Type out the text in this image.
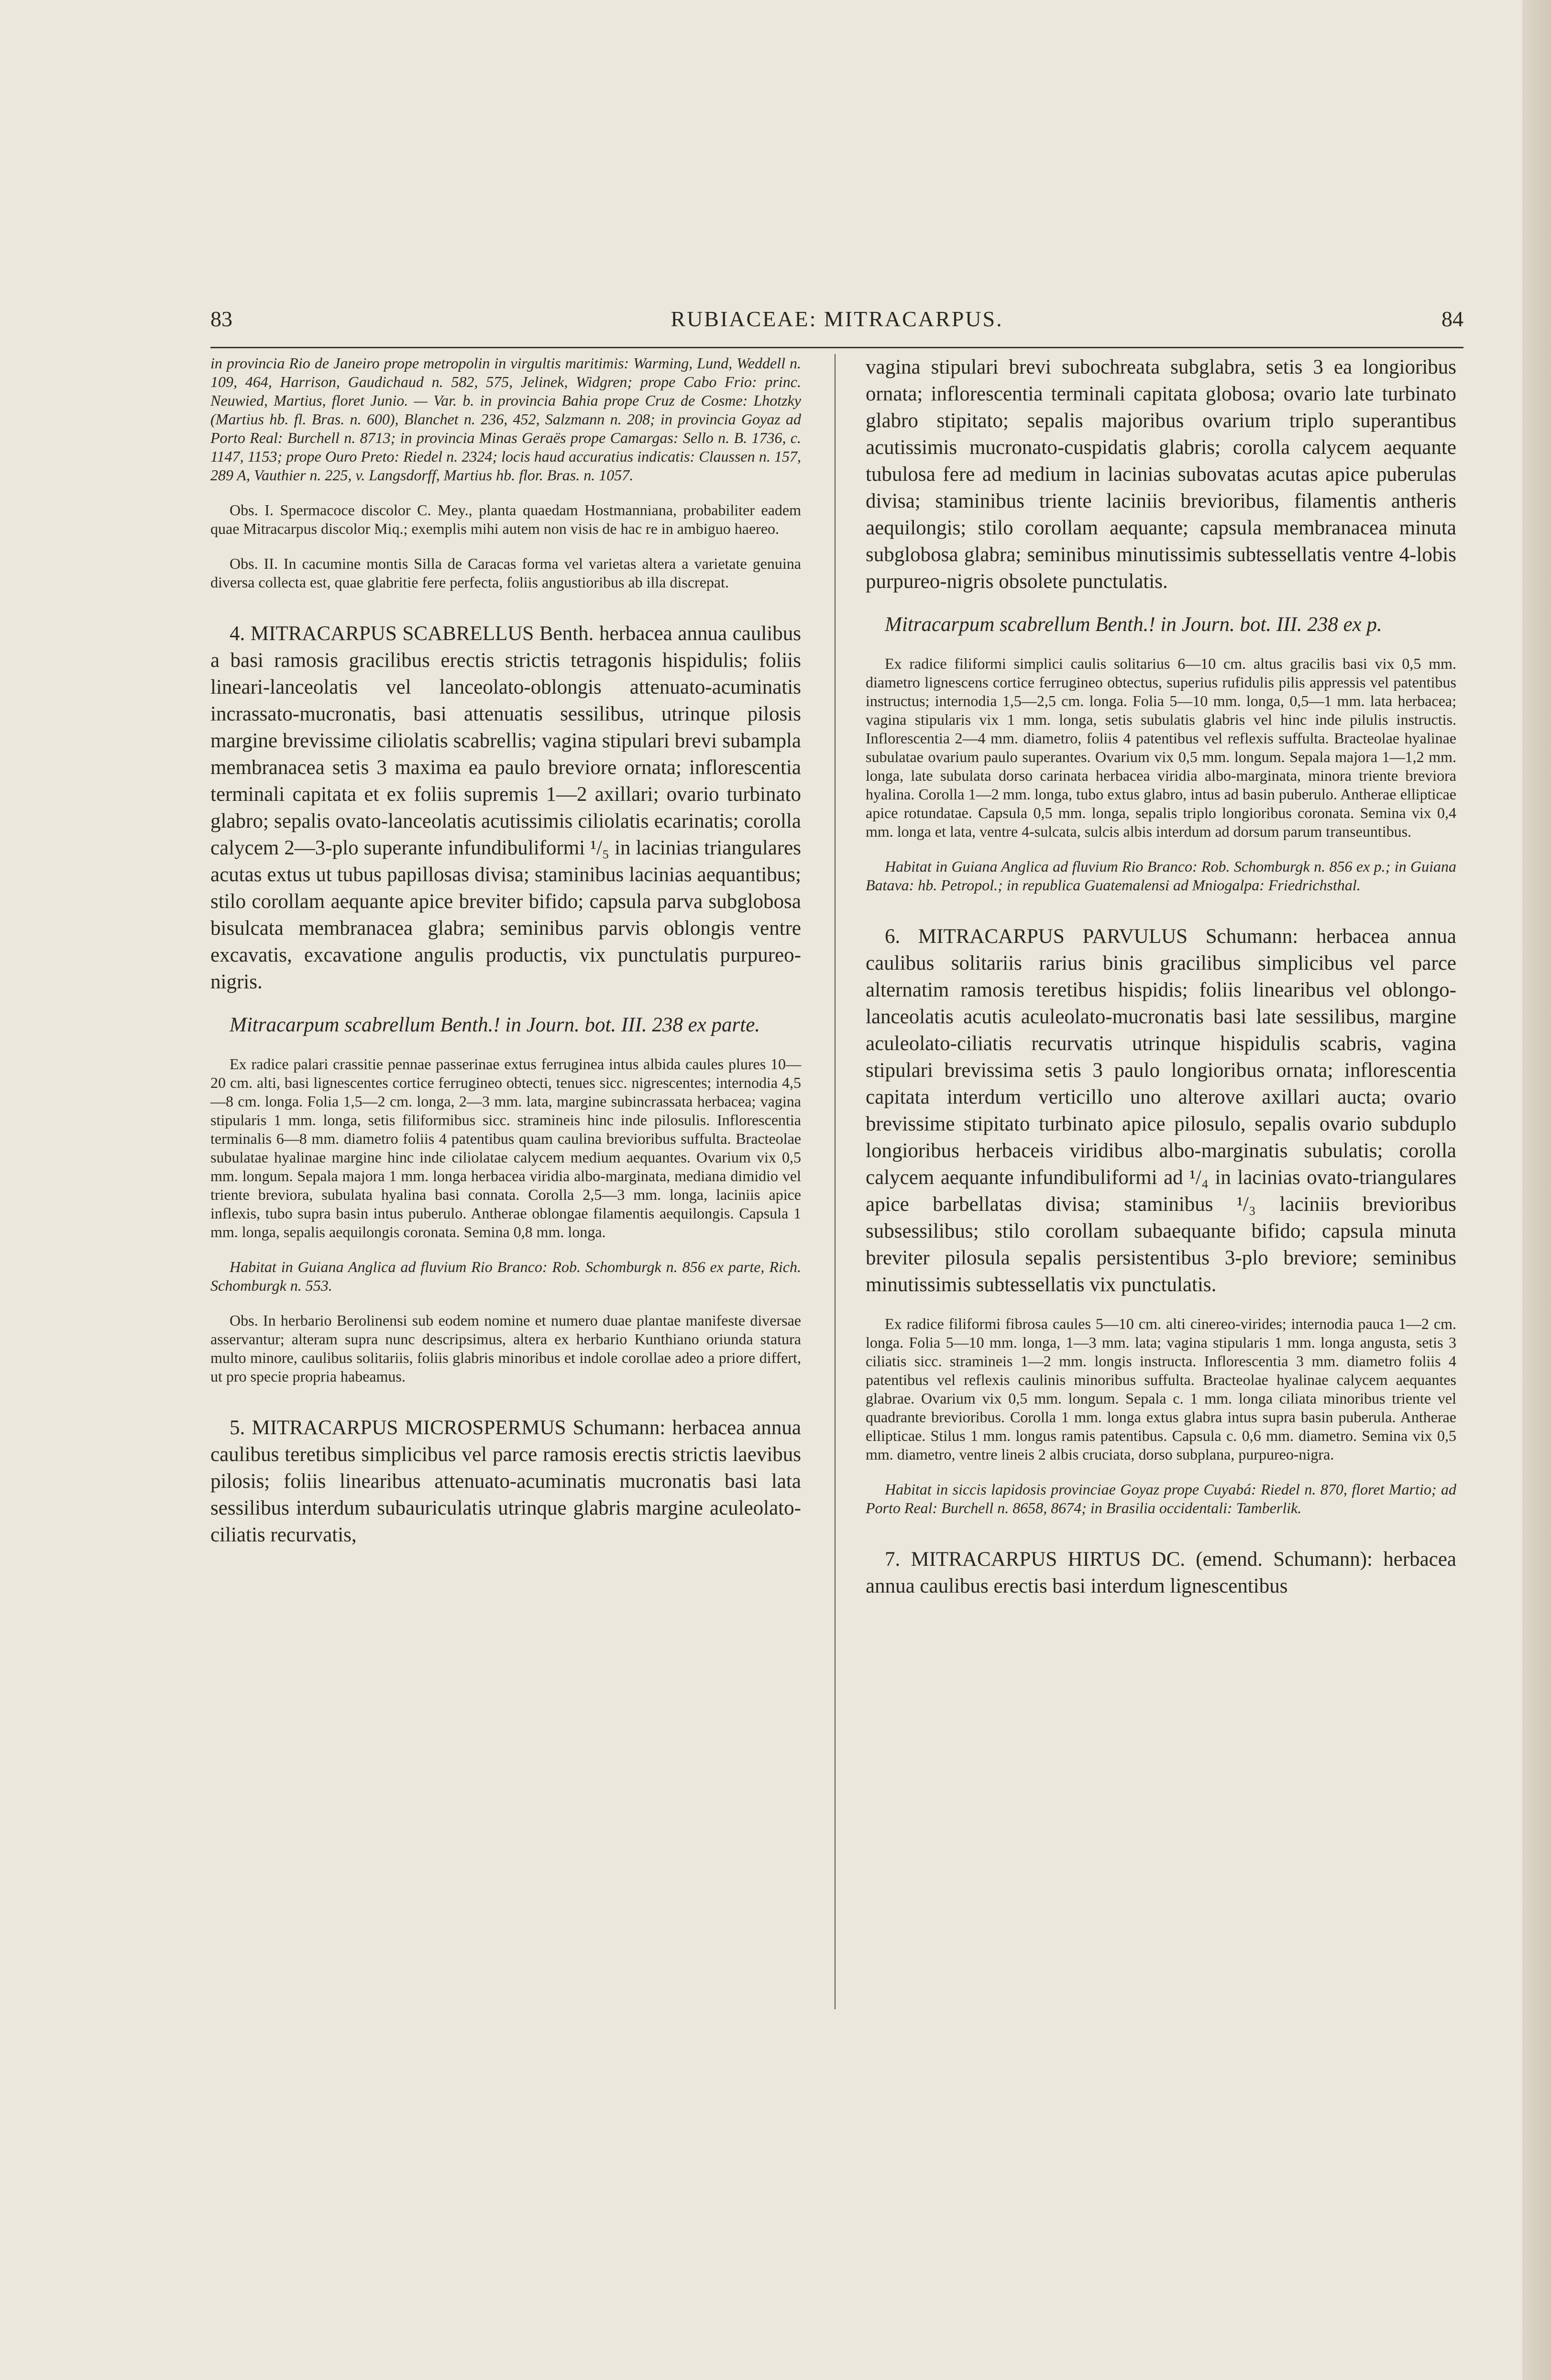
83	RUBIACEAE: MITRACARPUS.	84

in provincia Rio de Janeiro prope metropolin in virgultis maritimis: Warming, Lund, Weddell n. 109, 464, Harrison, Gaudichaud n. 582, 575, Jelinek, Widgren; prope Cabo Frio: princ. Neuwied, Martius, floret Junio. — Var. b. in provincia Bahia prope Cruz de Cosme: Lhotzky (Martius hb. fl. Bras. n. 600), Blanchet n. 236, 452, Salzmann n. 208; in provincia Goyaz ad Porto Real: Burchell n. 8713; in provincia Minas Geraës prope Camargas: Sello n. B. 1736, c. 1147, 1153; prope Ouro Preto: Riedel n. 2324; locis haud accuratius indicatis: Claussen n. 157, 289 A, Vauthier n. 225, v. Langsdorff, Martius hb. flor. Bras. n. 1057.

Obs. I. Spermacoce discolor C. Mey., planta quaedam Hostmanniana, probabiliter eadem quae Mitracarpus discolor Miq.; exemplis mihi autem non visis de hac re in ambiguo haereo.

Obs. II. In cacumine montis Silla de Caracas forma vel varietas altera a varietate genuina diversa collecta est, quae glabritie fere perfecta, foliis angustioribus ab illa discrepat.

4. MITRACARPUS SCABRELLUS Benth. herbacea annua caulibus a basi ramosis gracilibus erectis strictis tetragonis hispidulis; foliis lineari-lanceolatis vel lanceolato-oblongis attenuato-acuminatis incrassato-mucronatis, basi attenuatis sessilibus, utrinque pilosis margine brevissime ciliolatis scabrellis; vagina stipulari brevi subampla membranacea setis 3 maxima ea paulo breviore ornata; inflorescentia terminali capitata et ex foliis supremis 1—2 axillari; ovario turbinato glabro; sepalis ovato-lanceolatis acutissimis ciliolatis ecarinatis; corolla calycem 2—3-plo superante infundibuliformi ¹/₅ in lacinias triangulares acutas extus ut tubus papillosas divisa; staminibus lacinias aequantibus; stilo corollam aequante apice breviter bifido; capsula parva subglobosa bisulcata membranacea glabra; seminibus parvis oblongis ventre excavatis, excavatione angulis productis, vix punctulatis purpureo-nigris.

Mitracarpum scabrellum Benth.! in Journ. bot. III. 238 ex parte.

Ex radice palari crassitie pennae passerinae extus ferruginea intus albida caules plures 10—20 cm. alti, basi lignescentes cortice ferrugineo obtecti, tenues sicc. nigrescentes; internodia 4,5—8 cm. longa. Folia 1,5—2 cm. longa, 2—3 mm. lata, margine subincrassata herbacea; vagina stipularis 1 mm. longa, setis filiformibus sicc. stramineis hinc inde pilosulis. Inflorescentia terminalis 6—8 mm. diametro foliis 4 patentibus quam caulina brevioribus suffulta. Bracteolae subulatae hyalinae margine hinc inde ciliolatae calycem medium aequantes. Ovarium vix 0,5 mm. longum. Sepala majora 1 mm. longa herbacea viridia albo-marginata, mediana dimidio vel triente breviora, subulata hyalina basi connata. Corolla 2,5—3 mm. longa, laciniis apice inflexis, tubo supra basin intus puberulo. Antherae oblongae filamentis aequilongis. Capsula 1 mm. longa, sepalis aequilongis coronata. Semina 0,8 mm. longa.

Habitat in Guiana Anglica ad fluvium Rio Branco: Rob. Schomburgk n. 856 ex parte, Rich. Schomburgk n. 553.

Obs. In herbario Berolinensi sub eodem nomine et numero duae plantae manifeste diversae asservantur; alteram supra nunc descripsimus, altera ex herbario Kunthiano oriunda statura multo minore, caulibus solitariis, foliis glabris minoribus et indole corollae adeo a priore differt, ut pro specie propria habeamus.

5. MITRACARPUS MICROSPERMUS Schumann: herbacea annua caulibus teretibus simplicibus vel parce ramosis erectis strictis laevibus pilosis; foliis linearibus attenuato-acuminatis mucronatis basi lata sessilibus interdum subauriculatis utrinque glabris margine aculeolato-ciliatis recurvatis,

vagina stipulari brevi subochreata subglabra, setis 3 ea longioribus ornata; inflorescentia terminali capitata globosa; ovario late turbinato glabro stipitato; sepalis majoribus ovarium triplo superantibus acutissimis mucronato-cuspidatis glabris; corolla calycem aequante tubulosa fere ad medium in lacinias subovatas acutas apice puberulas divisa; staminibus triente laciniis brevioribus, filamentis antheris aequilongis; stilo corollam aequante; capsula membranacea minuta subglobosa glabra; seminibus minutissimis subtessellatis ventre 4-lobis purpureo-nigris obsolete punctulatis.

Mitracarpum scabrellum Benth.! in Journ. bot. III. 238 ex p.

Ex radice filiformi simplici caulis solitarius 6—10 cm. altus gracilis basi vix 0,5 mm. diametro lignescens cortice ferrugineo obtectus, superius rufidulis pilis appressis vel patentibus instructus; internodia 1,5—2,5 cm. longa. Folia 5—10 mm. longa, 0,5—1 mm. lata herbacea; vagina stipularis vix 1 mm. longa, setis subulatis glabris vel hinc inde pilulis instructis. Inflorescentia 2—4 mm. diametro, foliis 4 patentibus vel reflexis suffulta. Bracteolae hyalinae subulatae ovarium paulo superantes. Ovarium vix 0,5 mm. longum. Sepala majora 1—1,2 mm. longa, late subulata dorso carinata herbacea viridia albo-marginata, minora triente breviora hyalina. Corolla 1—2 mm. longa, tubo extus glabro, intus ad basin puberulo. Antherae ellipticae apice rotundatae. Capsula 0,5 mm. longa, sepalis triplo longioribus coronata. Semina vix 0,4 mm. longa et lata, ventre 4-sulcata, sulcis albis interdum ad dorsum parum transeuntibus.

Habitat in Guiana Anglica ad fluvium Rio Branco: Rob. Schomburgk n. 856 ex p.; in Guiana Batava: hb. Petropol.; in republica Guatemalensi ad Mniogalpa: Friedrichsthal.

6. MITRACARPUS PARVULUS Schumann: herbacea annua caulibus solitariis rarius binis gracilibus simplicibus vel parce alternatim ramosis teretibus hispidis; foliis linearibus vel oblongo-lanceolatis acutis aculeolato-mucronatis basi late sessilibus, margine aculeolato-ciliatis recurvatis utrinque hispidulis scabris, vagina stipulari brevissima setis 3 paulo longioribus ornata; inflorescentia capitata interdum verticillo uno alterove axillari aucta; ovario brevissime stipitato turbinato apice pilosulo, sepalis ovario subduplo longioribus herbaceis viridibus albo-marginatis subulatis; corolla calycem aequante infundibuliformi ad ¹/₄ in lacinias ovato-triangulares apice barbellatas divisa; staminibus ¹/₃ laciniis brevioribus subsessilibus; stilo corollam subaequante bifido; capsula minuta breviter pilosula sepalis persistentibus 3-plo breviore; seminibus minutissimis subtessellatis vix punctulatis.

Ex radice filiformi fibrosa caules 5—10 cm. alti cinereo-virides; internodia pauca 1—2 cm. longa. Folia 5—10 mm. longa, 1—3 mm. lata; vagina stipularis 1 mm. longa angusta, setis 3 ciliatis sicc. stramineis 1—2 mm. longis instructa. Inflorescentia 3 mm. diametro foliis 4 patentibus vel reflexis caulinis minoribus suffulta. Bracteolae hyalinae calycem aequantes glabrae. Ovarium vix 0,5 mm. longum. Sepala c. 1 mm. longa ciliata minoribus triente vel quadrante brevioribus. Corolla 1 mm. longa extus glabra intus supra basin puberula. Antherae ellipticae. Stilus 1 mm. longus ramis patentibus. Capsula c. 0,6 mm. diametro. Semina vix 0,5 mm. diametro, ventre lineis 2 albis cruciata, dorso subplana, purpureo-nigra.

Habitat in siccis lapidosis provinciae Goyaz prope Cuyabá: Riedel n. 870, floret Martio; ad Porto Real: Burchell n. 8658, 8674; in Brasilia occidentali: Tamberlik.

7. MITRACARPUS HIRTUS DC. (emend. Schumann): herbacea annua caulibus erectis basi interdum lignescentibus
